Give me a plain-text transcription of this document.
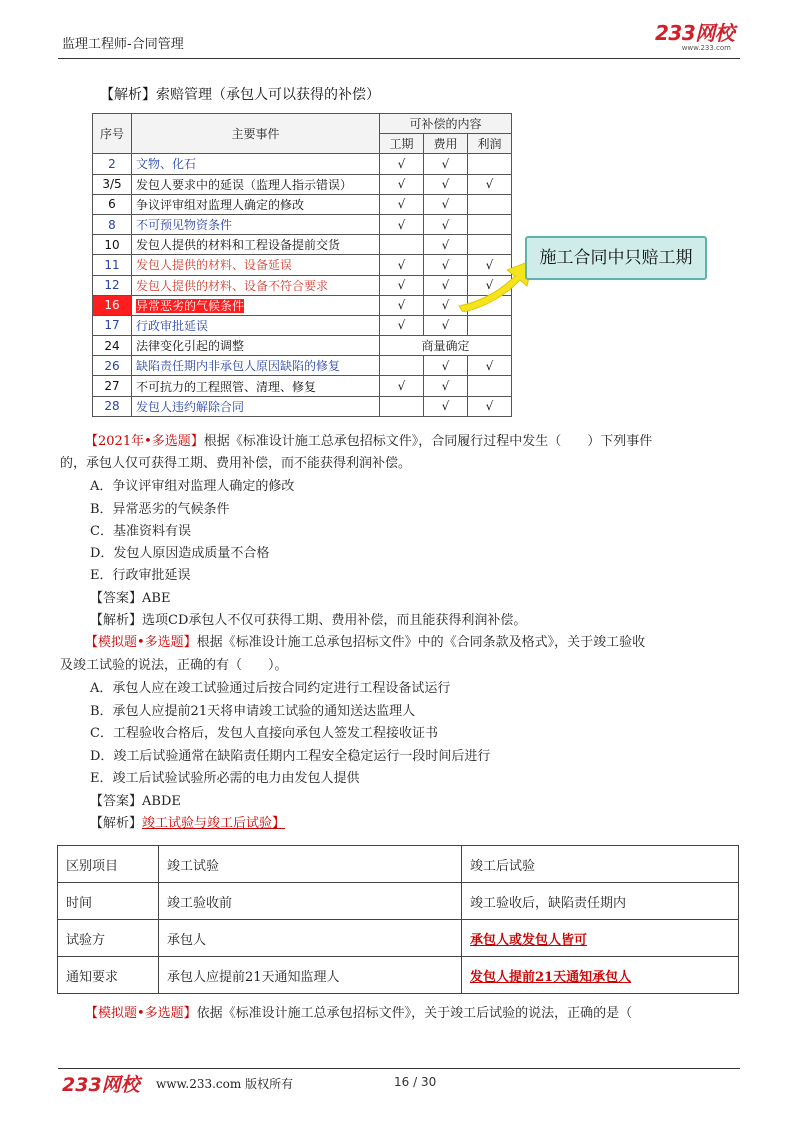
监理工程师-合同管理	233网校
www.233.com
【解析】索赔管理（承包人可以获得的补偿）
序号	主要事件	可补偿的内容		
		工期	费用	利润
2	文物、化石	√	√	
3/5	发包人要求中的延误（监理人指示错误）	√	√	√
6	争议评审组对监理人确定的修改	√	√	
8	不可预见物资条件	√	√	
10	发包人提供的材料和工程设备提前交货		√	
11	发包人提供的材料、设备延误	√	√	√
12	发包人提供的材料、设备不符合要求	√	√	√
16	异常恶劣的气候条件	√	√	
17	行政审批延误	√	√	
24	法律变化引起的调整	商量确定		
26	缺陷责任期内非承包人原因缺陷的修复		√	√
27	不可抗力的工程照管、清理、修复	√	√	
28	发包人违约解除合同		√	√
施工合同中只赔工期
【2021年•多选题】根据《标准设计施工总承包招标文件》，合同履行过程中发生（　　）下列事件
的，承包人仅可获得工期、费用补偿，而不能获得利润补偿。
A．争议评审组对监理人确定的修改
B．异常恶劣的气候条件
C．基准资料有误
D．发包人原因造成质量不合格
E．行政审批延误
【答案】ABE
【解析】选项CD承包人不仅可获得工期、费用补偿，而且能获得利润补偿。
【模拟题•多选题】根据《标准设计施工总承包招标文件》中的《合同条款及格式》，关于竣工验收
及竣工试验的说法，正确的有（　　）。
A．承包人应在竣工试验通过后按合同约定进行工程设备试运行
B．承包人应提前21天将申请竣工试验的通知送达监理人
C．工程验收合格后，发包人直接向承包人签发工程接收证书
D．竣工后试验通常在缺陷责任期内工程安全稳定运行一段时间后进行
E．竣工后试验试验所必需的电力由发包人提供
【答案】ABDE
【解析】竣工试验与竣工后试验】
区别项目	竣工试验	竣工后试验
时间	竣工验收前	竣工验收后，缺陷责任期内
试验方	承包人	承包人或发包人皆可
通知要求	承包人应提前21天通知监理人	发包人提前21天通知承包人
【模拟题•多选题】依据《标准设计施工总承包招标文件》，关于竣工后试验的说法，正确的是（
233网校 www.233.com 版权所有	16 / 30
